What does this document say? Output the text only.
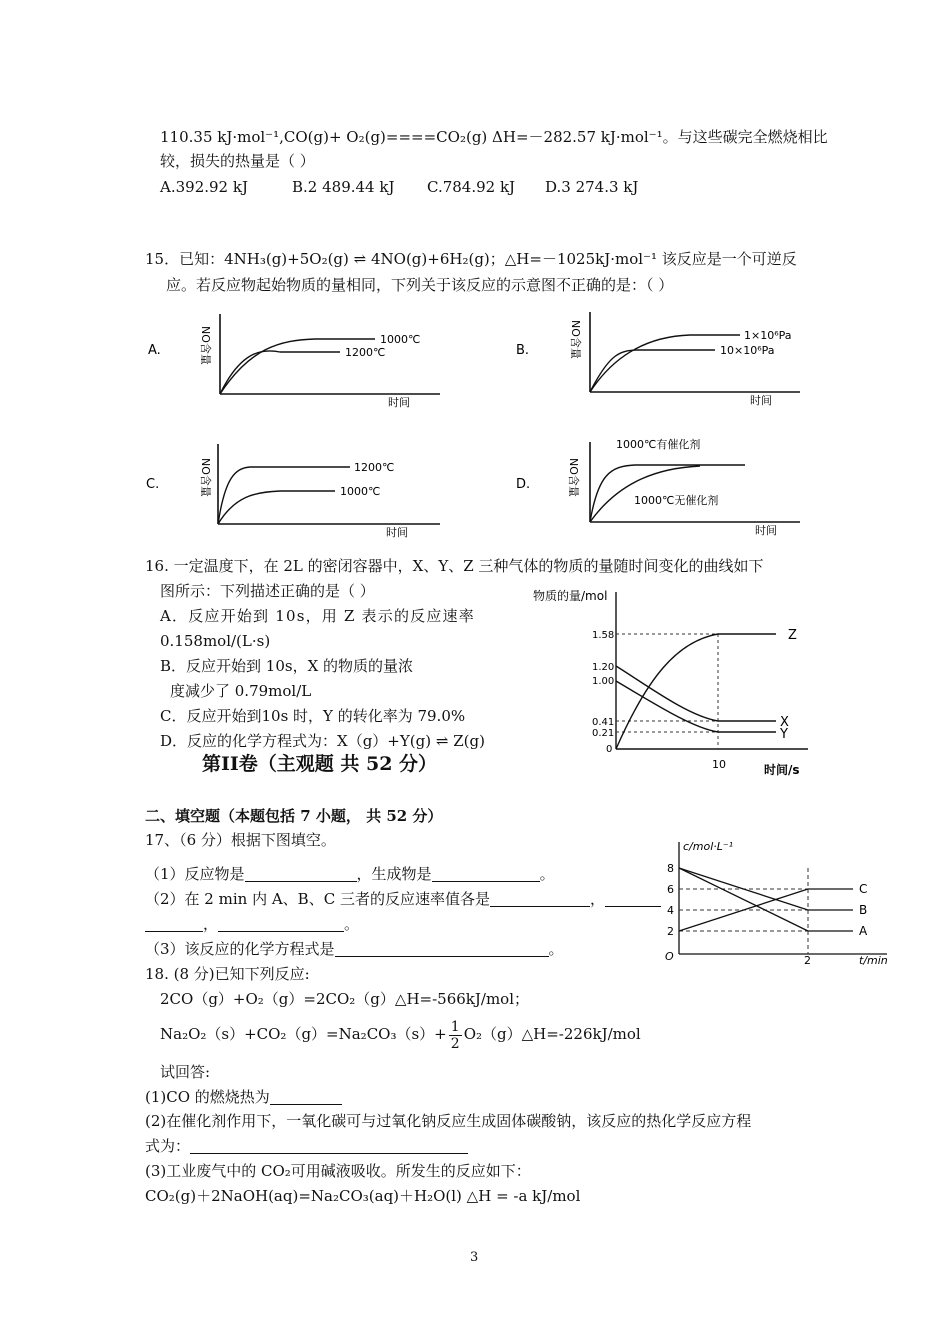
110.35 kJ·mol⁻¹,CO(g)+ O₂(g)====CO₂(g) ΔH=－282.57 kJ·mol⁻¹。与这些碳完全燃烧相比
较，损失的热量是（ ）
A.392.92 kJ	B.2 489.44 kJ C.784.92 kJ D.3 274.3 kJ
15．已知：4NH₃(g)+5O₂(g) ⇌ 4NO(g)+6H₂(g)；△H=－1025kJ·mol⁻¹ 该反应是一个可逆反
应。若反应物起始物质的量相同，下列关于该反应的示意图不正确的是：（ ）
A.	NO含量	1000℃
1200℃
时间
B.	NO含量	1×10⁶Pa
10×10⁶Pa
时间
C.	NO含量	1200℃
1000℃
时间
D.	NO含量
1000℃有催化剂
1000℃无催化剂
时间
16. 一定温度下，在 2L 的密闭容器中，X、Y、Z 三种气体的物质的量随时间变化的曲线如下
图所示：下列描述正确的是（ ）
A．反应开始到 10s，用 Z 表示的反应速率
0.158mol/(L·s)
B．反应开始到 10s，X 的物质的量浓
度减少了 0.79mol/L
C．反应开始到10s 时，Y 的转化率为 79.0%
D．反应的化学方程式为：X（g）+Y(g) ⇌ Z(g)
物质的量/mol
1.58
1.20
1.00
0.41
0.21
0
10	时间/s
Z
X
Y
第II卷（主观题 共 52 分）
二、填空题（本题包括 7 小题， 共 52 分）
17、（6 分）根据下图填空。
（1）反应物是	，生成物是	。
（2）在 2 min 内 A、B、C 三者的反应速率值各是	，
，	。
（3）该反应的化学方程式是	。
c/mol·L⁻¹
8
6
4
2
O	2	t/min
C
B
A
18. (8 分)已知下列反应:
2CO（g）+O₂（g）=2CO₂（g）△H=-566kJ/mol；
$Na_2O_2(s)+CO_2(g)=Na_2CO_3(s)+ \frac{1}{2}$ O₂（g）△H=-226kJ/mol
试回答:
(1)CO 的燃烧热为
(2)在催化剂作用下，一氧化碳可与过氧化钠反应生成固体碳酸钠，该反应的热化学反应方程
式为：
(3)工业废气中的 CO₂可用碱液吸收。所发生的反应如下：
CO₂(g)＋2NaOH(aq)=Na₂CO₃(aq)＋H₂O(l) △H = -a kJ/mol
3
